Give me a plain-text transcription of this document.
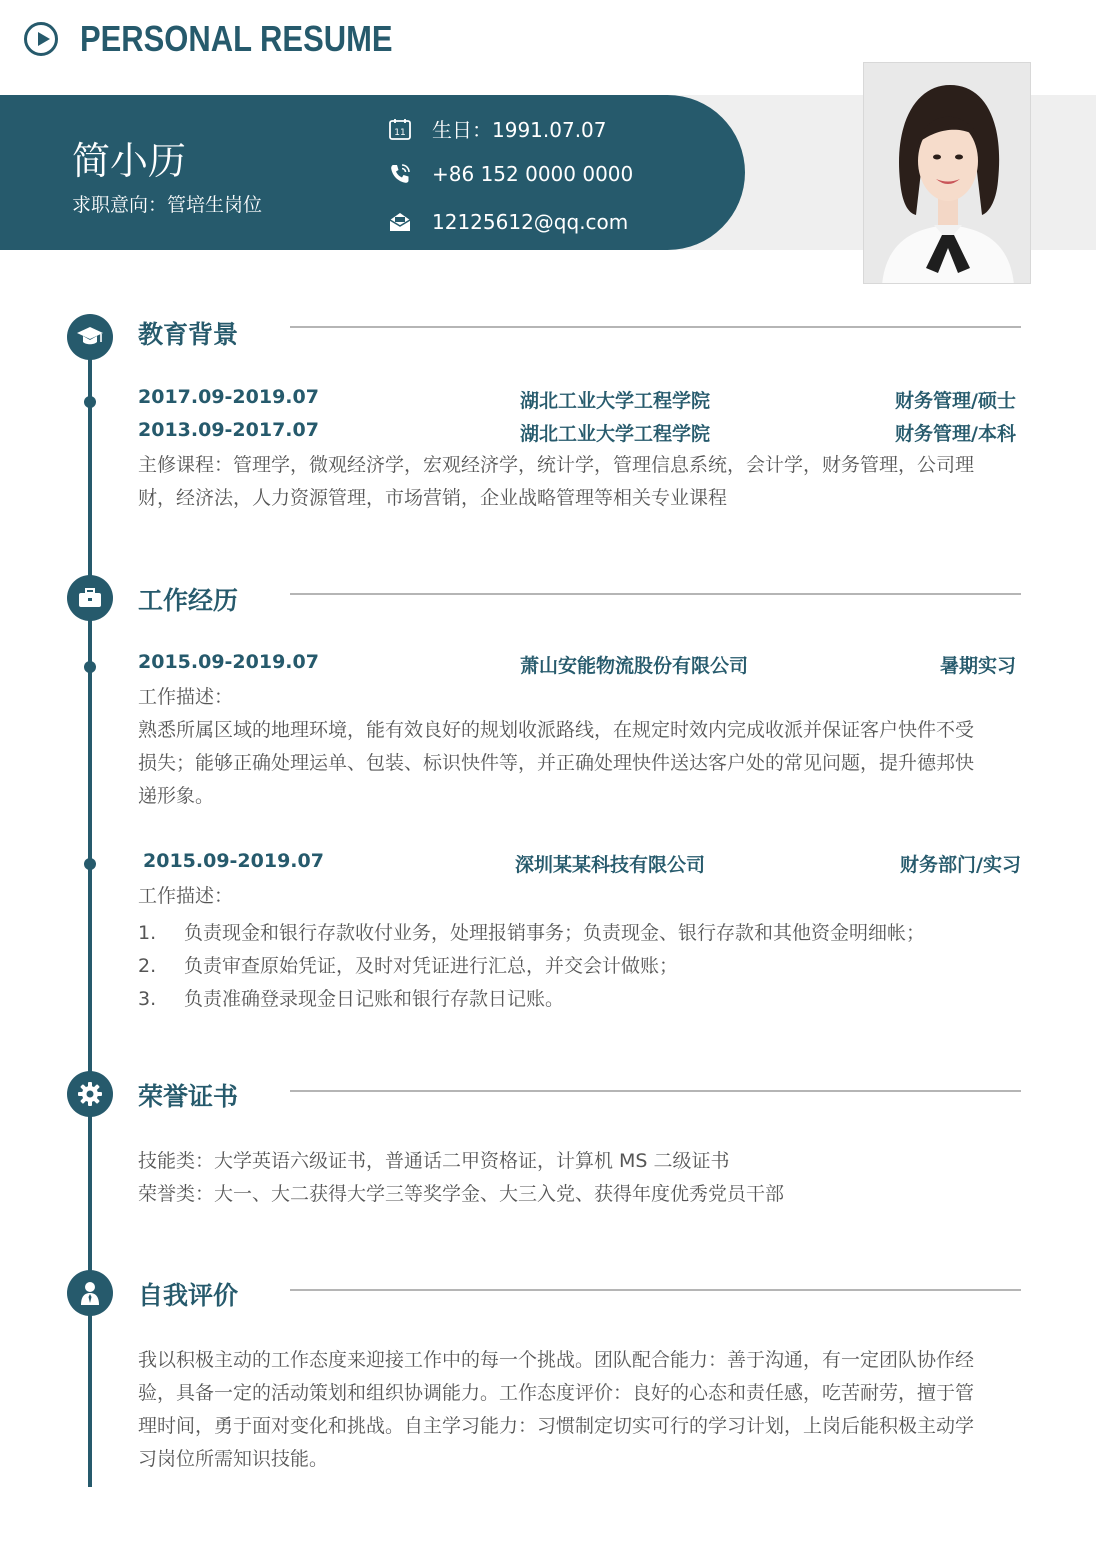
PERSONAL RESUME
简小历
求职意向：管培生岗位
11 生日：1991.07.07
+86 152 0000 0000
12125612@qq.com
教育背景
2017.09-2019.07	湖北工业大学工程学院	财务管理/硕士
2013.09-2017.07	湖北工业大学工程学院	财务管理/本科
主修课程：管理学，微观经济学，宏观经济学，统计学，管理信息系统，会计学，财务管理，公司理
财，经济法，人力资源管理，市场营销，企业战略管理等相关专业课程
工作经历
2015.09-2019.07	萧山安能物流股份有限公司	暑期实习
工作描述：
熟悉所属区域的地理环境，能有效良好的规划收派路线，在规定时效内完成收派并保证客户快件不受
损失；能够正确处理运单、包装、标识快件等，并正确处理快件送达客户处的常见问题，提升德邦快
递形象。
2015.09-2019.07	深圳某某科技有限公司	财务部门/实习
工作描述：
1. 负责现金和银行存款收付业务，处理报销事务；负责现金、银行存款和其他资金明细帐；
2. 负责审查原始凭证，及时对凭证进行汇总，并交会计做账；
3. 负责准确登录现金日记账和银行存款日记账。
荣誉证书
技能类：大学英语六级证书，普通话二甲资格证，计算机 MS 二级证书
荣誉类：大一、大二获得大学三等奖学金、大三入党、获得年度优秀党员干部
自我评价
我以积极主动的工作态度来迎接工作中的每一个挑战。团队配合能力：善于沟通，有一定团队协作经
验，具备一定的活动策划和组织协调能力。工作态度评价：良好的心态和责任感，吃苦耐劳，擅于管
理时间，勇于面对变化和挑战。自主学习能力：习惯制定切实可行的学习计划，上岗后能积极主动学
习岗位所需知识技能。
